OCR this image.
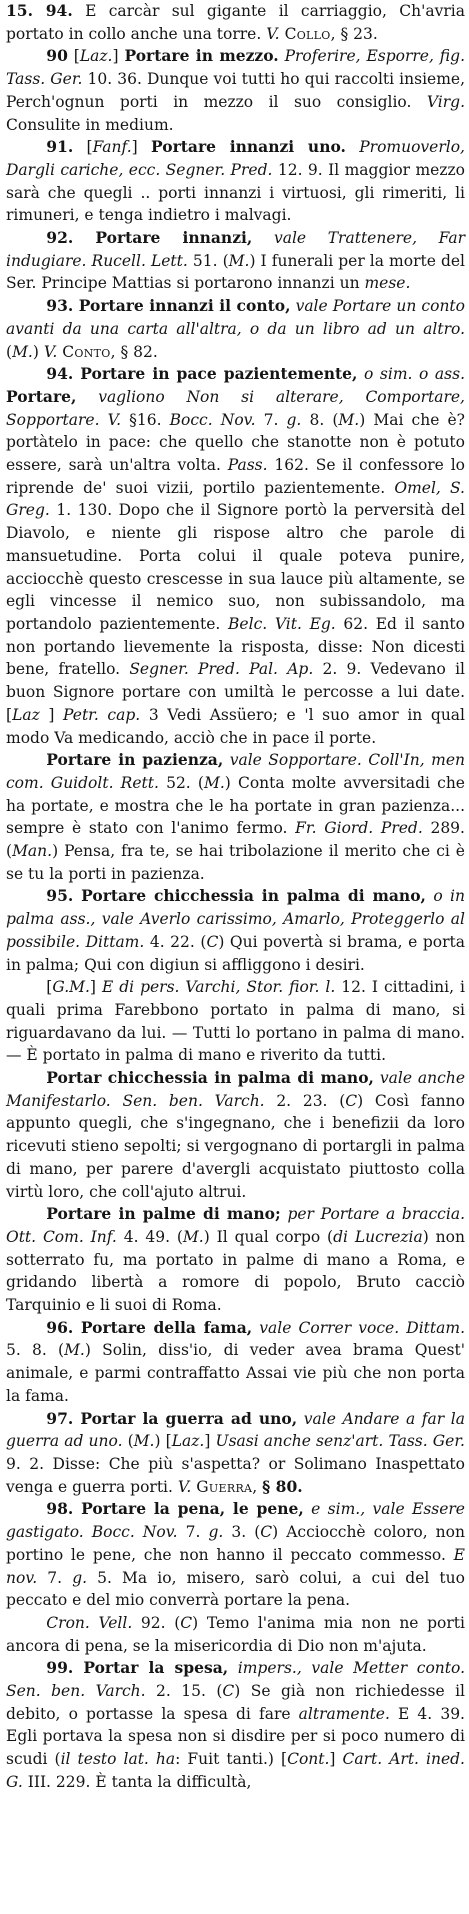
15. 94. E carcàr sul gigante il carriaggio, Ch'avria portato in collo anche una torre. V. Collo, § 23.

90 [Laz.] Portare in mezzo. Proferire, Esporre, fig. Tass. Ger. 10. 36. Dunque voi tutti ho qui raccolti insieme, Perch'ognun porti in mezzo il suo consiglio. Virg. Consulite in medium.

91. [Fanf.] Portare innanzi uno. Promuoverlo, Dargli cariche, ecc. Segner. Pred. 12. 9. Il maggior mezzo sarà che quegli .. porti innanzi i virtuosi, gli rimeriti, li rimuneri, e tenga indietro i malvagi.

92. Portare innanzi, vale Trattenere, Far indugiare. Rucell. Lett. 51. (M.) I funerali per la morte del Ser. Principe Mattias si portarono innanzi un mese.

93. Portare innanzi il conto, vale Portare un conto avanti da una carta all'altra, o da un libro ad un altro. (M.) V. Conto, § 82.

94. Portare in pace pazientemente, o sim. o ass. Portare, vagliono Non si alterare, Comportare, Sopportare. V. §16. Bocc. Nov. 7. g. 8. (M.) Mai che è? portàtelo in pace: che quello che stanotte non è potuto essere, sarà un'altra volta. Pass. 162. Se il confessore lo riprende de' suoi vizii, portilo pazientemente. Omel, S. Greg. 1. 130. Dopo che il Signore portò la perversità del Diavolo, e niente gli rispose altro che parole di mansuetudine. Porta colui il quale poteva punire, acciocchè questo crescesse in sua lauce più altamente, se egli vincesse il nemico suo, non subissandolo, ma portandolo pazientemente. Belc. Vit. Eg. 62. Ed il santo non portando lievemente la risposta, disse: Non dicesti bene, fratello. Segner. Pred. Pal. Ap. 2. 9. Vedevano il buon Signore portare con umiltà le percosse a lui date. [Laz ] Petr. cap. 3 Vedi Assüero; e 'l suo amor in qual modo Va medicando, acciò che in pace il porte.

Portare in pazienza, vale Sopportare. Coll'In, men com. Guidolt. Rett. 52. (M.) Conta molte avversitadi che ha portate, e mostra che le ha portate in gran pazienza... sempre è stato con l'animo fermo. Fr. Giord. Pred. 289. (Man.) Pensa, fra te, se hai tribolazione il merito che ci è se tu la porti in pazienza.

95. Portare chicchessia in palma di mano, o in palma ass., vale Averlo carissimo, Amarlo, Proteggerlo al possibile. Dittam. 4. 22. (C) Qui povertà si brama, e porta in palma; Qui con digiun si affliggono i desiri.

[G.M.] E di pers. Varchi, Stor. fior. l. 12. I cittadini, i quali prima Farebbono portato in palma di mano, si riguardavano da lui. — Tutti lo portano in palma di mano. — È portato in palma di mano e riverito da tutti.

Portar chicchessia in palma di mano, vale anche Manifestarlo. Sen. ben. Varch. 2. 23. (C) Così fanno appunto quegli, che s'ingegnano, che i benefizii da loro ricevuti stieno sepolti; si vergognano di portargli in palma di mano, per parere d'avergli acquistato piuttosto colla virtù loro, che coll'ajuto altrui.

Portare in palme di mano; per Portare a braccia. Ott. Com. Inf. 4. 49. (M.) Il qual corpo (di Lucrezia) non sotterrato fu, ma portato in palme di mano a Roma, e gridando libertà a romore di popolo, Bruto cacciò Tarquinio e li suoi di Roma.

96. Portare della fama, vale Correr voce. Dittam. 5. 8. (M.) Solin, diss'io, di veder avea brama Quest' animale, e parmi contraffatto Assai vie più che non porta la fama.

97. Portar la guerra ad uno, vale Andare a far la guerra ad uno. (M.) [Laz.] Usasi anche senz'art. Tass. Ger. 9. 2. Disse: Che più s'aspetta? or Solimano Inaspettato venga e guerra porti. V. Guerra, § 80.

98. Portare la pena, le pene, e sim., vale Essere gastigato. Bocc. Nov. 7. g. 3. (C) Acciocchè coloro, non portino le pene, che non hanno il peccato commesso. E nov. 7. g. 5. Ma io, misero, sarò colui, a cui del tuo peccato e del mio converrà portare la pena.

Cron. Vell. 92. (C) Temo l'anima mia non ne porti ancora di pena, se la misericordia di Dio non m'ajuta.

99. Portar la spesa, impers., vale Metter conto. Sen. ben. Varch. 2. 15. (C) Se già non richiedesse il debito, o portasse la spesa di fare altramente. E 4. 39. Egli portava la spesa non si disdire per si poco numero di scudi (il testo lat. ha: Fuit tanti.) [Cont.] Cart. Art. ined. G. III. 229. È tanta la difficultà,
